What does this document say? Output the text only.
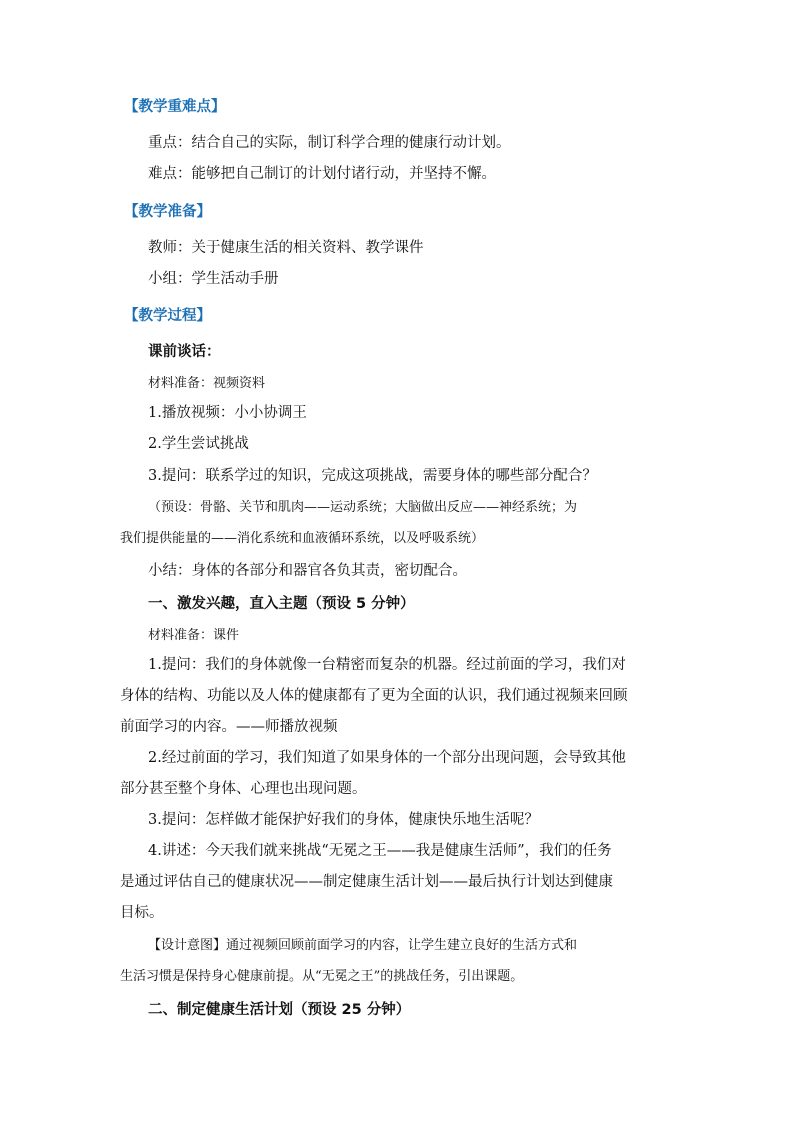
【教学重难点】
重点：结合自己的实际，制订科学合理的健康行动计划。
难点：能够把自己制订的计划付诸行动，并坚持不懈。
【教学准备】
教师：关于健康生活的相关资料、教学课件
小组：学生活动手册
【教学过程】
课前谈话：
材料准备：视频资料
1.播放视频：小小协调王
2.学生尝试挑战
3.提问：联系学过的知识，完成这项挑战，需要身体的哪些部分配合？
（预设：骨骼、关节和肌肉——运动系统；大脑做出反应——神经系统；为
我们提供能量的——消化系统和血液循环系统，以及呼吸系统）
小结：身体的各部分和器官各负其责，密切配合。
一、激发兴趣，直入主题（预设 5 分钟）
材料准备：课件
1.提问：我们的身体就像一台精密而复杂的机器。经过前面的学习，我们对
身体的结构、功能以及人体的健康都有了更为全面的认识，我们通过视频来回顾
前面学习的内容。——师播放视频
2.经过前面的学习，我们知道了如果身体的一个部分出现问题，会导致其他
部分甚至整个身体、心理也出现问题。
3.提问：怎样做才能保护好我们的身体，健康快乐地生活呢？
4.讲述：今天我们就来挑战“无冕之王——我是健康生活师”，我们的任务
是通过评估自己的健康状况——制定健康生活计划——最后执行计划达到健康
目标。
【设计意图】通过视频回顾前面学习的内容，让学生建立良好的生活方式和
生活习惯是保持身心健康前提。从“无冕之王”的挑战任务，引出课题。
二、制定健康生活计划（预设 25 分钟）
